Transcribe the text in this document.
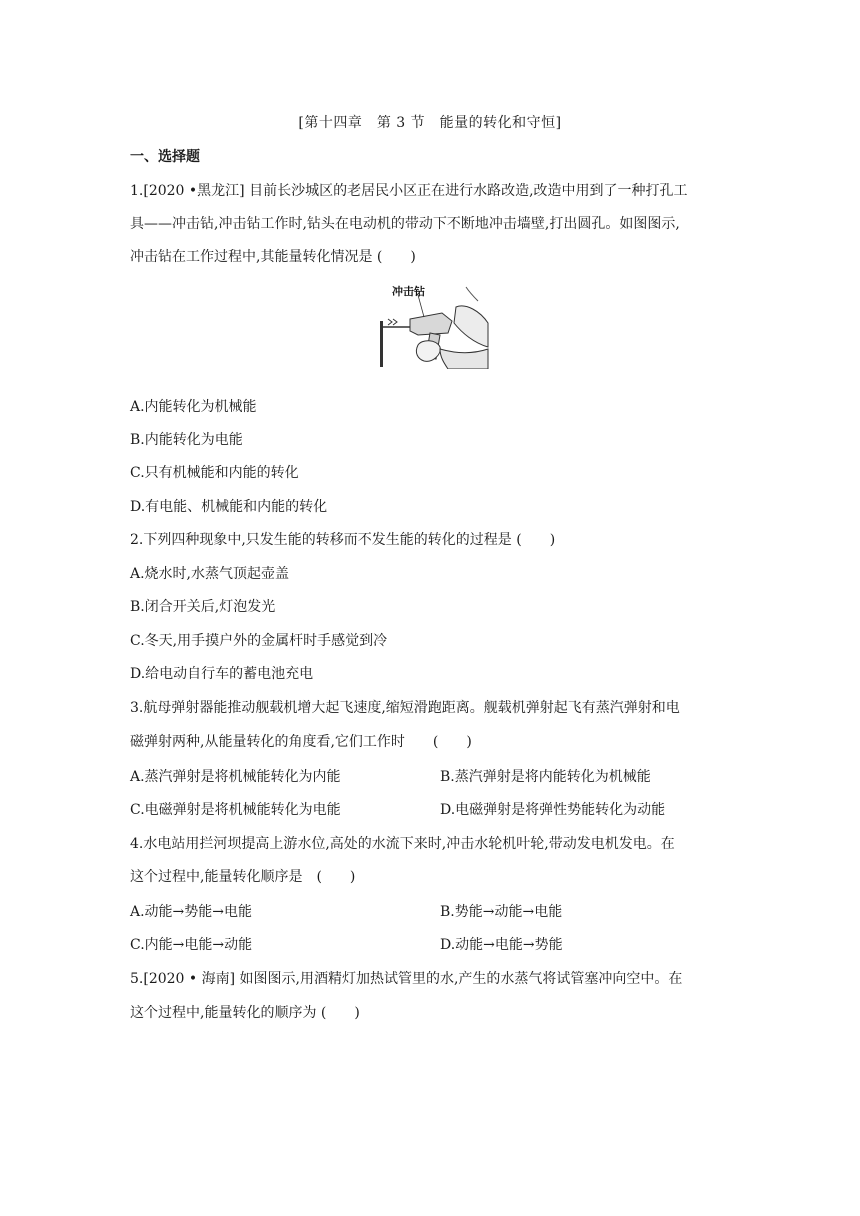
[第十四章　第 3 节　能量的转化和守恒]
一、选择题
1.[2020 •黑龙江] 目前长沙城区的老居民小区正在进行水路改造,改造中用到了一种打孔工
具——冲击钻,冲击钻工作时,钻头在电动机的带动下不断地冲击墙壁,打出圆孔。如图图示,
冲击钻在工作过程中,其能量转化情况是 (　　)
冲击钻
A.内能转化为机械能
B.内能转化为电能
C.只有机械能和内能的转化
D.有电能、机械能和内能的转化
2.下列四种现象中,只发生能的转移而不发生能的转化的过程是 (　　)
A.烧水时,水蒸气顶起壶盖
B.闭合开关后,灯泡发光
C.冬天,用手摸户外的金属杆时手感觉到冷
D.给电动自行车的蓄电池充电
3.航母弹射器能推动舰载机增大起飞速度,缩短滑跑距离。舰载机弹射起飞有蒸汽弹射和电
磁弹射两种,从能量转化的角度看,它们工作时　　(　　)
A.蒸汽弹射是将机械能转化为内能	B.蒸汽弹射是将内能转化为机械能
C.电磁弹射是将机械能转化为电能	D.电磁弹射是将弹性势能转化为动能
4.水电站用拦河坝提高上游水位,高处的水流下来时,冲击水轮机叶轮,带动发电机发电。在
这个过程中,能量转化顺序是　(　　)
A.动能→势能→电能	B.势能→动能→电能
C.内能→电能→动能	D.动能→电能→势能
5.[2020 • 海南] 如图图示,用酒精灯加热试管里的水,产生的水蒸气将试管塞冲向空中。在
这个过程中,能量转化的顺序为 (　　)
